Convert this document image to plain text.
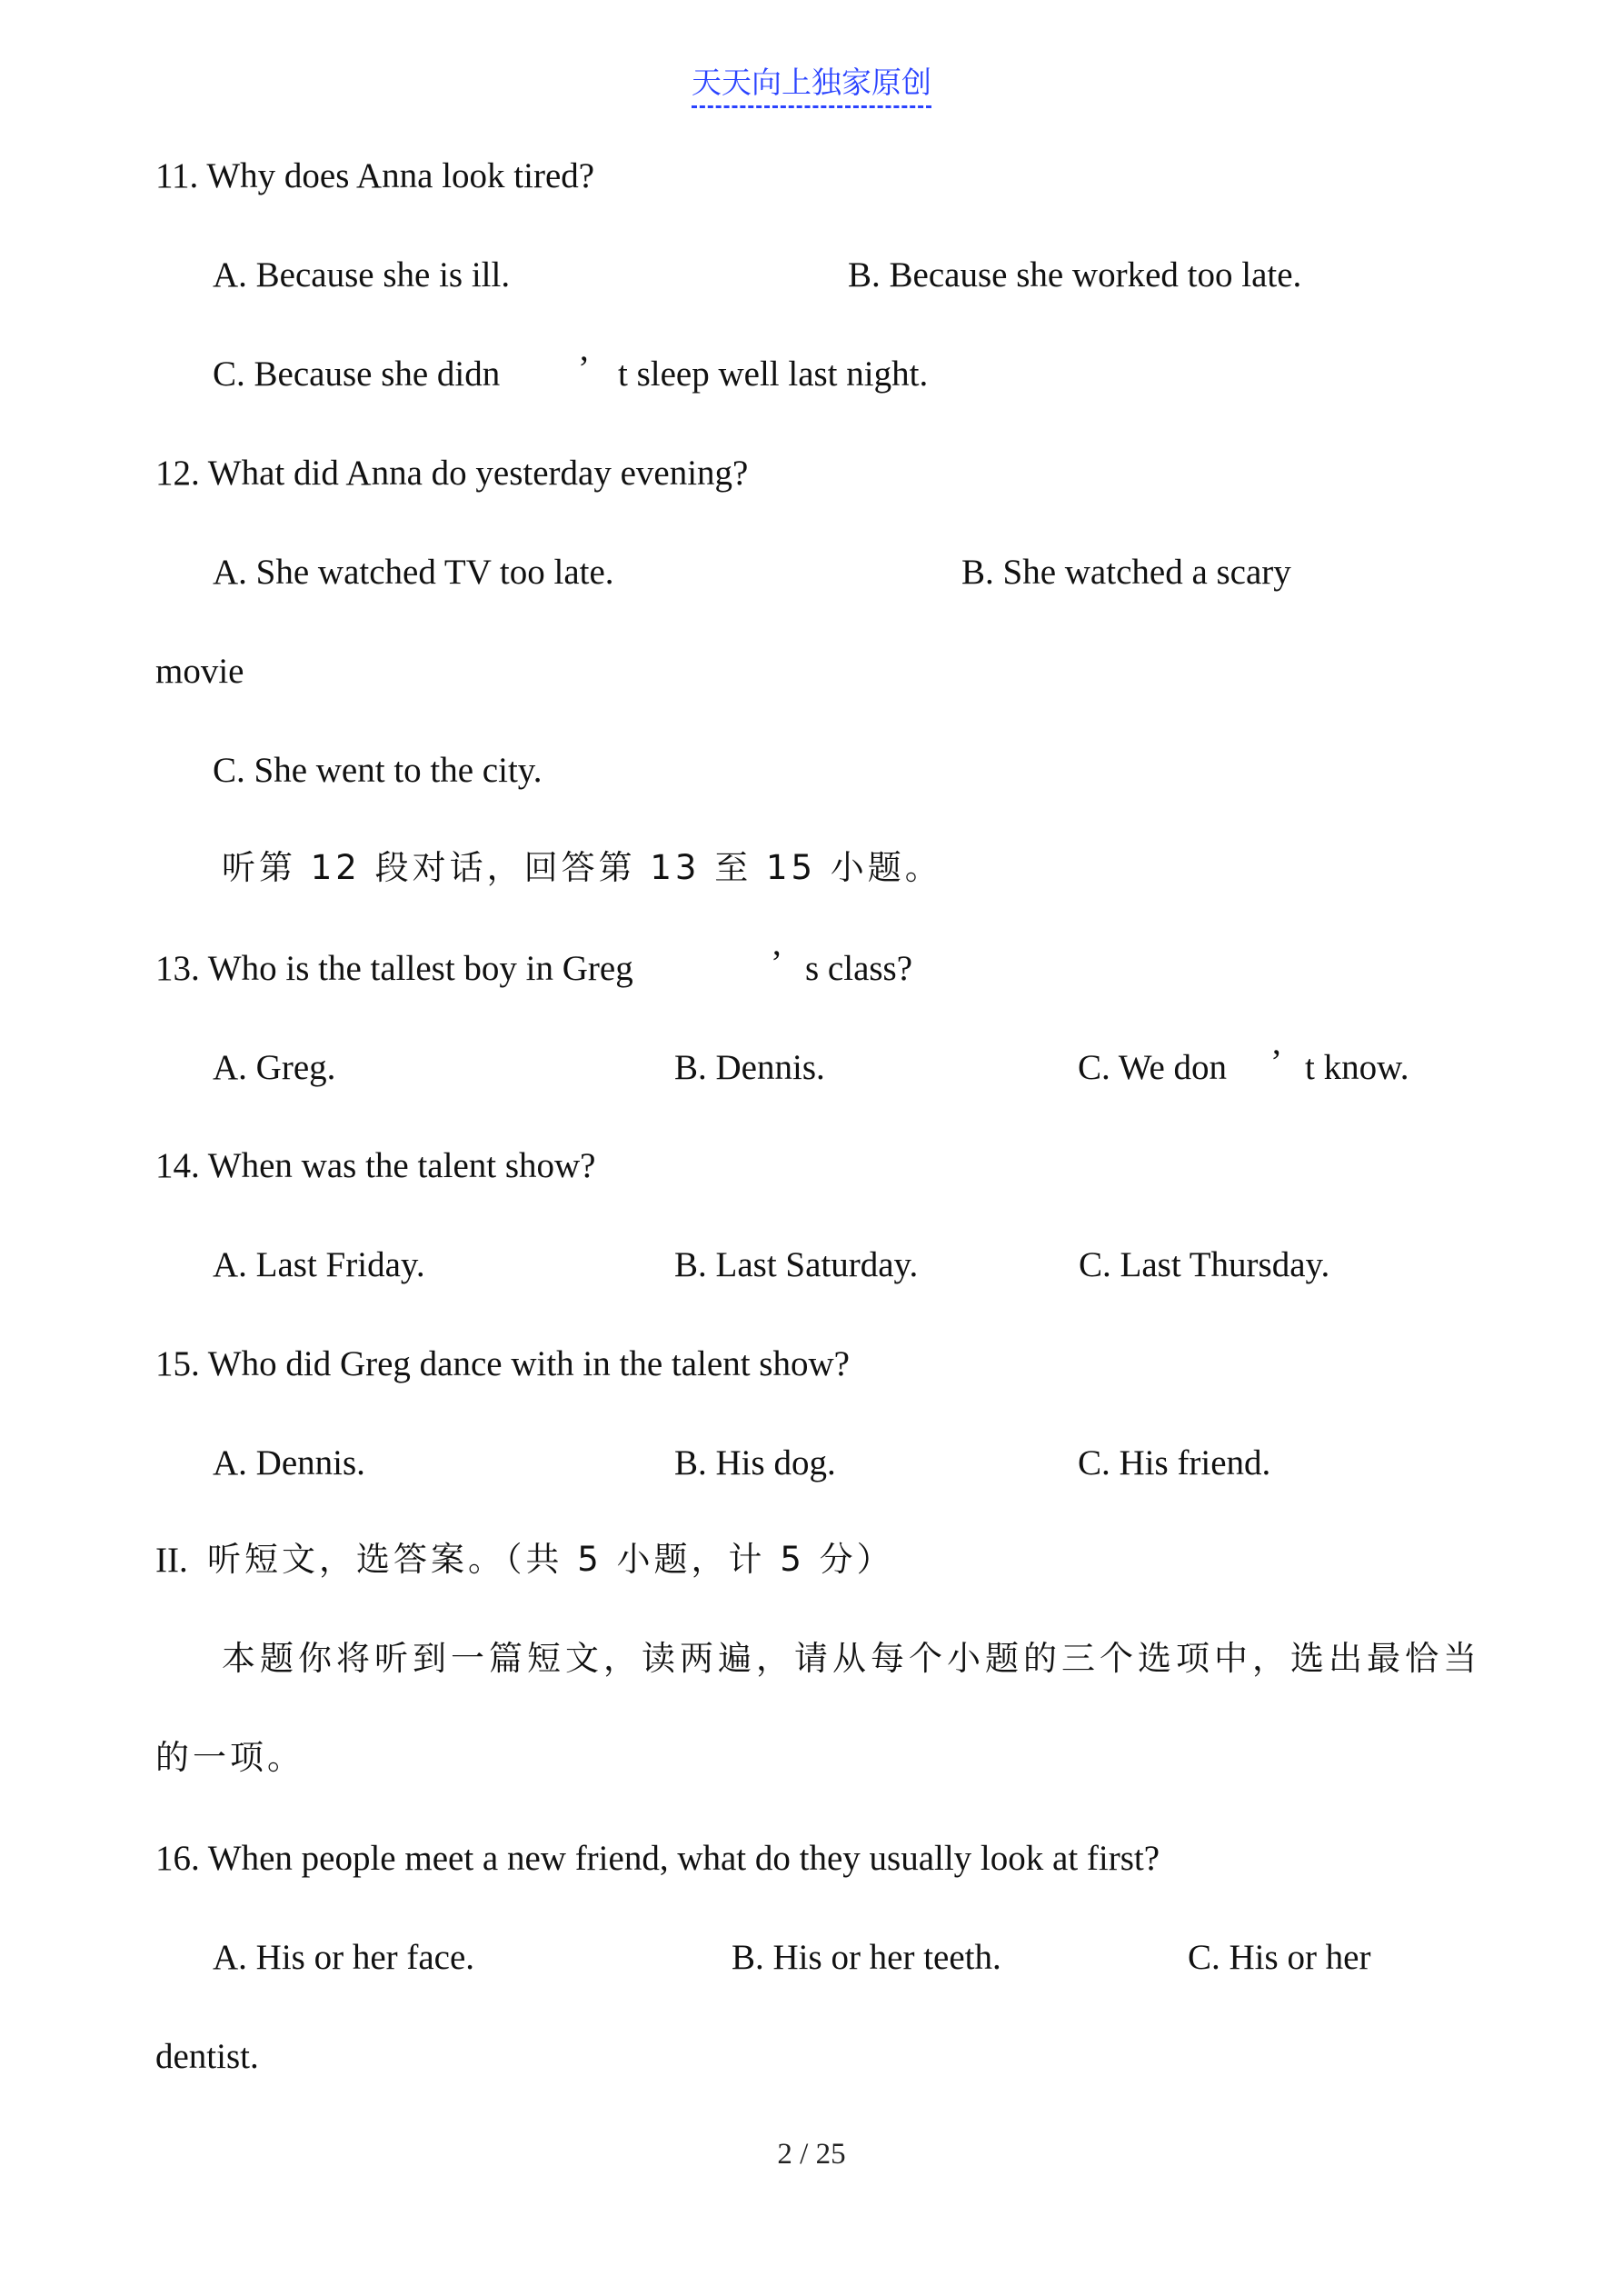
天天向上独家原创
11. Why does Anna look tired?
A. Because she is ill.	B. Because she worked too late.
C. Because she didn ’ t sleep well last night.
12. What did Anna do yesterday evening?
A. She watched TV too late.	B. She watched a scary
movie
C. She went to the city.
听第 12 段对话，回答第 13 至 15 小题。
13. Who is the tallest boy in Greg	’ s class?
A. Greg.	B. Dennis.	C. We don ’ t know.
14. When was the talent show?
A. Last Friday.	B. Last Saturday.	C. Last Thursday.
15. Who did Greg dance with in the talent show?
A. Dennis.	B. His dog.	C. His friend.
II. 听短文，选答案。（共 5 小题，计 5 分）
本题你将听到一篇短文，读两遍，请从每个小题的三个选项中，选出最恰当
的一项。
16. When people meet a new friend, what do they usually look at first?
A. His or her face.	B. His or her teeth.	C. His or her
dentist.
2 / 25
